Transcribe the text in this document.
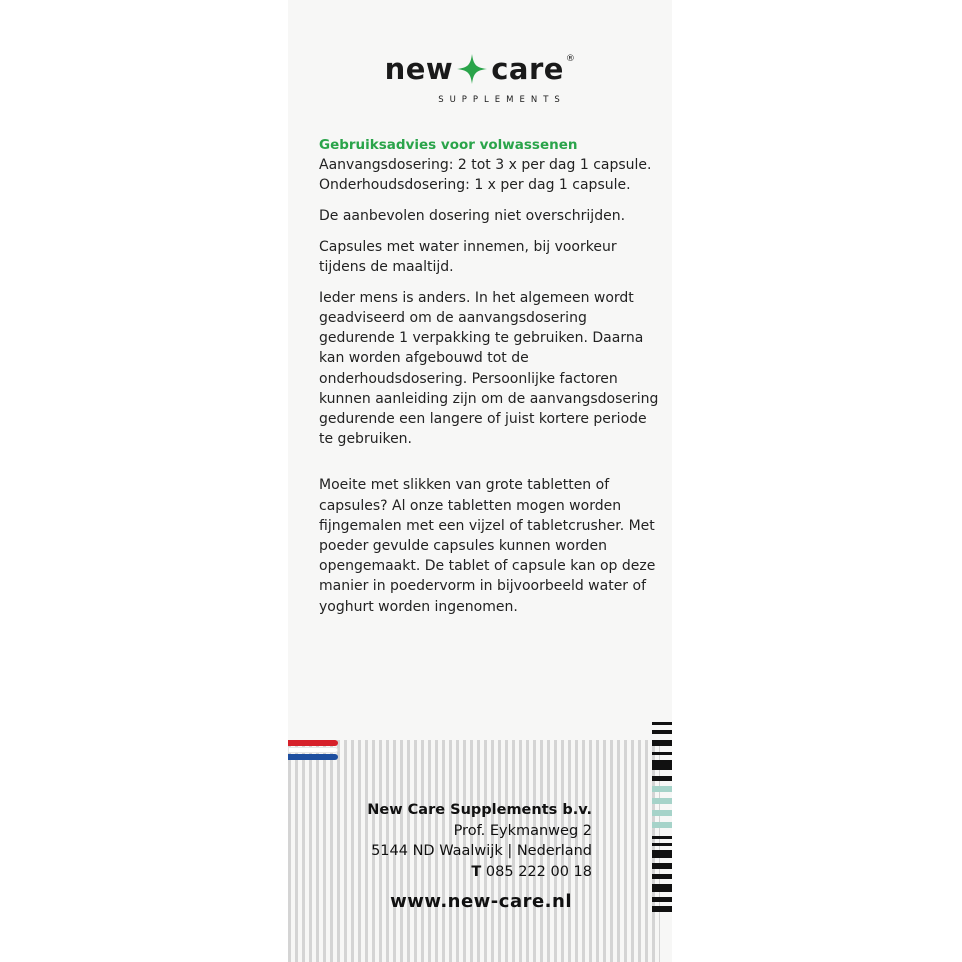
new care ®
SUPPLEMENTS

Gebruiksadvies voor volwassenen
Aanvangsdosering: 2 tot 3 x per dag 1 capsule.
Onderhoudsdosering: 1 x per dag 1 capsule.

De aanbevolen dosering niet overschrijden.

Capsules met water innemen, bij voorkeur tijdens de maaltijd.

Ieder mens is anders. In het algemeen wordt geadviseerd om de aanvangsdosering gedurende 1 verpakking te gebruiken. Daarna kan worden afgebouwd tot de onderhoudsdosering. Persoonlijke factoren kunnen aanleiding zijn om de aanvangsdosering gedurende een langere of juist kortere periode te gebruiken.

Moeite met slikken van grote tabletten of capsules? Al onze tabletten mogen worden fijngemalen met een vijzel of tabletcrusher. Met poeder gevulde capsules kunnen worden opengemaakt. De tablet of capsule kan op deze manier in poedervorm in bijvoorbeeld water of yoghurt worden ingenomen.

New Care Supplements b.v.
Prof. Eykmanweg 2
5144 ND Waalwijk | Nederland
T 085 222 00 18
www.new-care.nl
